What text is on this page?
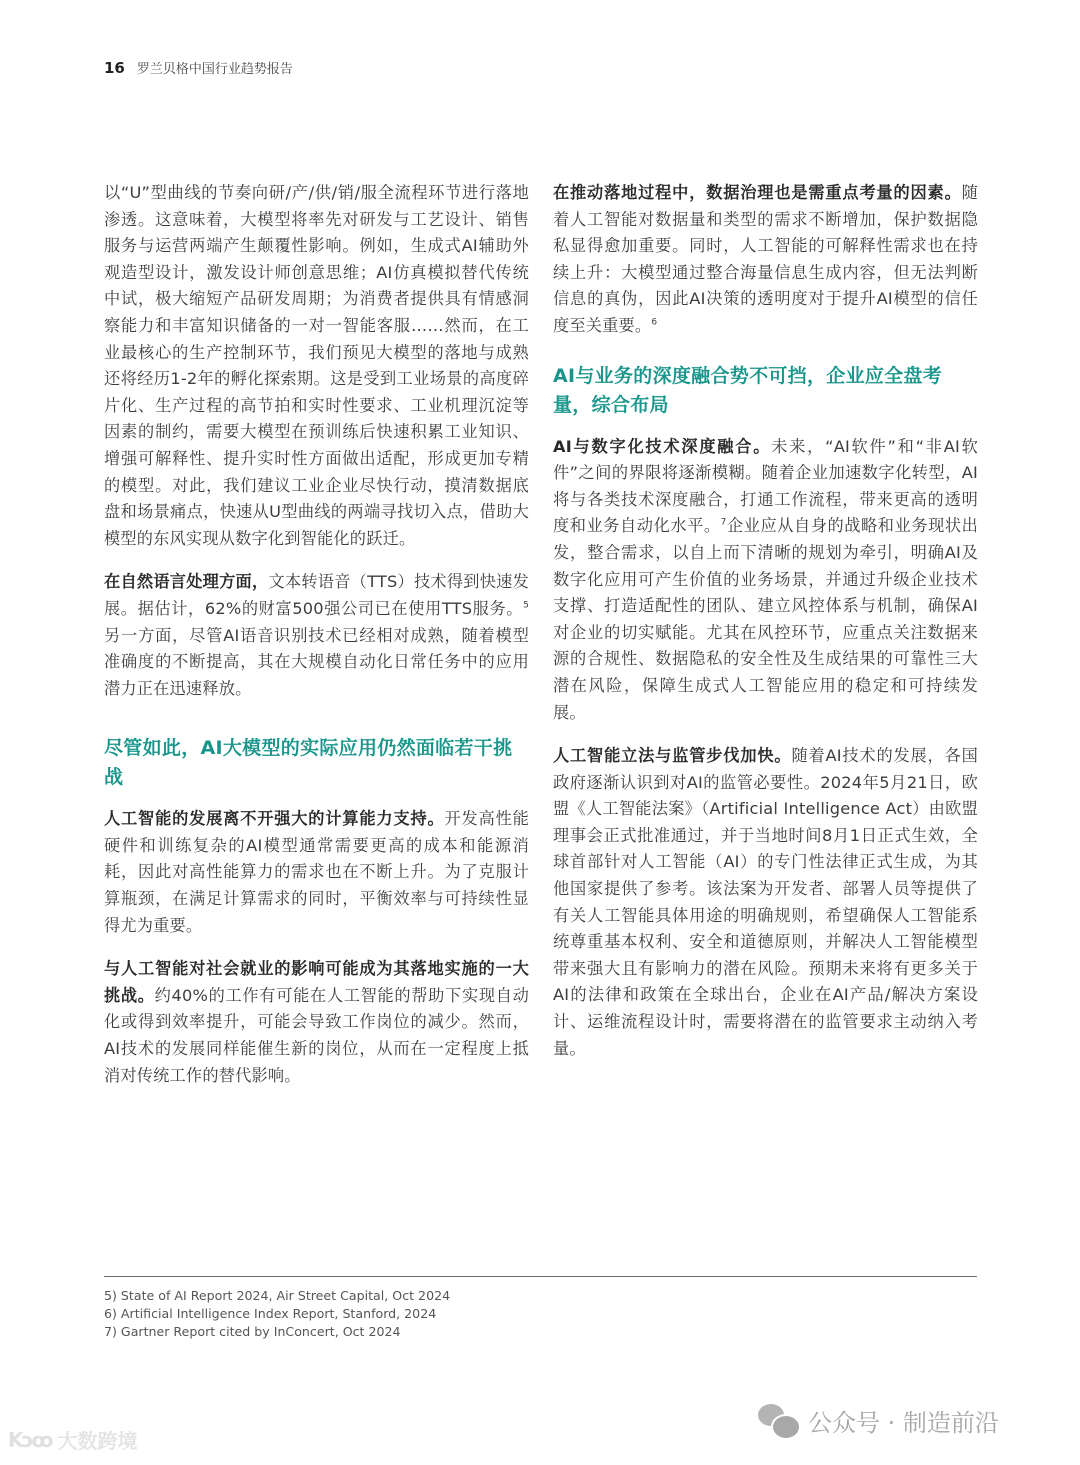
16 罗兰贝格中国行业趋势报告

以“U”型曲线的节奏向研/产/供/销/服全流程环节进行落地渗透。这意味着，大模型将率先对研发与工艺设计、销售服务与运营两端产生颠覆性影响。例如，生成式AI辅助外观造型设计，激发设计师创意思维；AI仿真模拟替代传统中试，极大缩短产品研发周期；为消费者提供具有情感洞察能力和丰富知识储备的一对一智能客服……然而，在工业最核心的生产控制环节，我们预见大模型的落地与成熟还将经历1-2年的孵化探索期。这是受到工业场景的高度碎片化、生产过程的高节拍和实时性要求、工业机理沉淀等因素的制约，需要大模型在预训练后快速积累工业知识、增强可解释性、提升实时性方面做出适配，形成更加专精的模型。对此，我们建议工业企业尽快行动，摸清数据底盘和场景痛点，快速从U型曲线的两端寻找切入点，借助大模型的东风实现从数字化到智能化的跃迁。

在自然语言处理方面，文本转语音（TTS）技术得到快速发展。据估计，62%的财富500强公司已在使用TTS服务。$^5$另一方面，尽管AI语音识别技术已经相对成熟，随着模型准确度的不断提高，其在大规模自动化日常任务中的应用潜力正在迅速释放。

尽管如此，AI大模型的实际应用仍然面临若干挑战

人工智能的发展离不开强大的计算能力支持。开发高性能硬件和训练复杂的AI模型通常需要更高的成本和能源消耗，因此对高性能算力的需求也在不断上升。为了克服计算瓶颈，在满足计算需求的同时，平衡效率与可持续性显得尤为重要。

与人工智能对社会就业的影响可能成为其落地实施的一大挑战。约40%的工作有可能在人工智能的帮助下实现自动化或得到效率提升，可能会导致工作岗位的减少。然而，AI技术的发展同样能催生新的岗位，从而在一定程度上抵消对传统工作的替代影响。

在推动落地过程中，数据治理也是需重点考量的因素。随着人工智能对数据量和类型的需求不断增加，保护数据隐私显得愈加重要。同时，人工智能的可解释性需求也在持续上升：大模型通过整合海量信息生成内容，但无法判断信息的真伪，因此AI决策的透明度对于提升AI模型的信任度至关重要。$^6$

AI与业务的深度融合势不可挡，企业应全盘考量，综合布局

AI与数字化技术深度融合。未来，“AI软件”和“非AI软件”之间的界限将逐渐模糊。随着企业加速数字化转型，AI将与各类技术深度融合，打通工作流程，带来更高的透明度和业务自动化水平。$^7$企业应从自身的战略和业务现状出发，整合需求，以自上而下清晰的规划为牵引，明确AI及数字化应用可产生价值的业务场景，并通过升级企业技术支撑、打造适配性的团队、建立风控体系与机制，确保AI对企业的切实赋能。尤其在风控环节，应重点关注数据来源的合规性、数据隐私的安全性及生成结果的可靠性三大潜在风险，保障生成式人工智能应用的稳定和可持续发展。

人工智能立法与监管步伐加快。随着AI技术的发展，各国政府逐渐认识到对AI的监管必要性。2024年5月21日，欧盟《人工智能法案》（Artificial Intelligence Act）由欧盟理事会正式批准通过，并于当地时间8月1日正式生效，全球首部针对人工智能（AI）的专门性法律正式生成，为其他国家提供了参考。该法案为开发者、部署人员等提供了有关人工智能具体用途的明确规则，希望确保人工智能系统尊重基本权利、安全和道德原则，并解决人工智能模型带来强大且有影响力的潜在风险。预期未来将有更多关于AI的法律和政策在全球出台，企业在AI产品/解决方案设计、运维流程设计时，需要将潜在的监管要求主动纳入考量。

5) State of AI Report 2024, Air Street Capital, Oct 2024
6) Artificial Intelligence Index Report, Stanford, 2024
7) Gartner Report cited by InConcert, Oct 2024
公众号 · 制造前沿
Kↄꝏ 大数跨境
